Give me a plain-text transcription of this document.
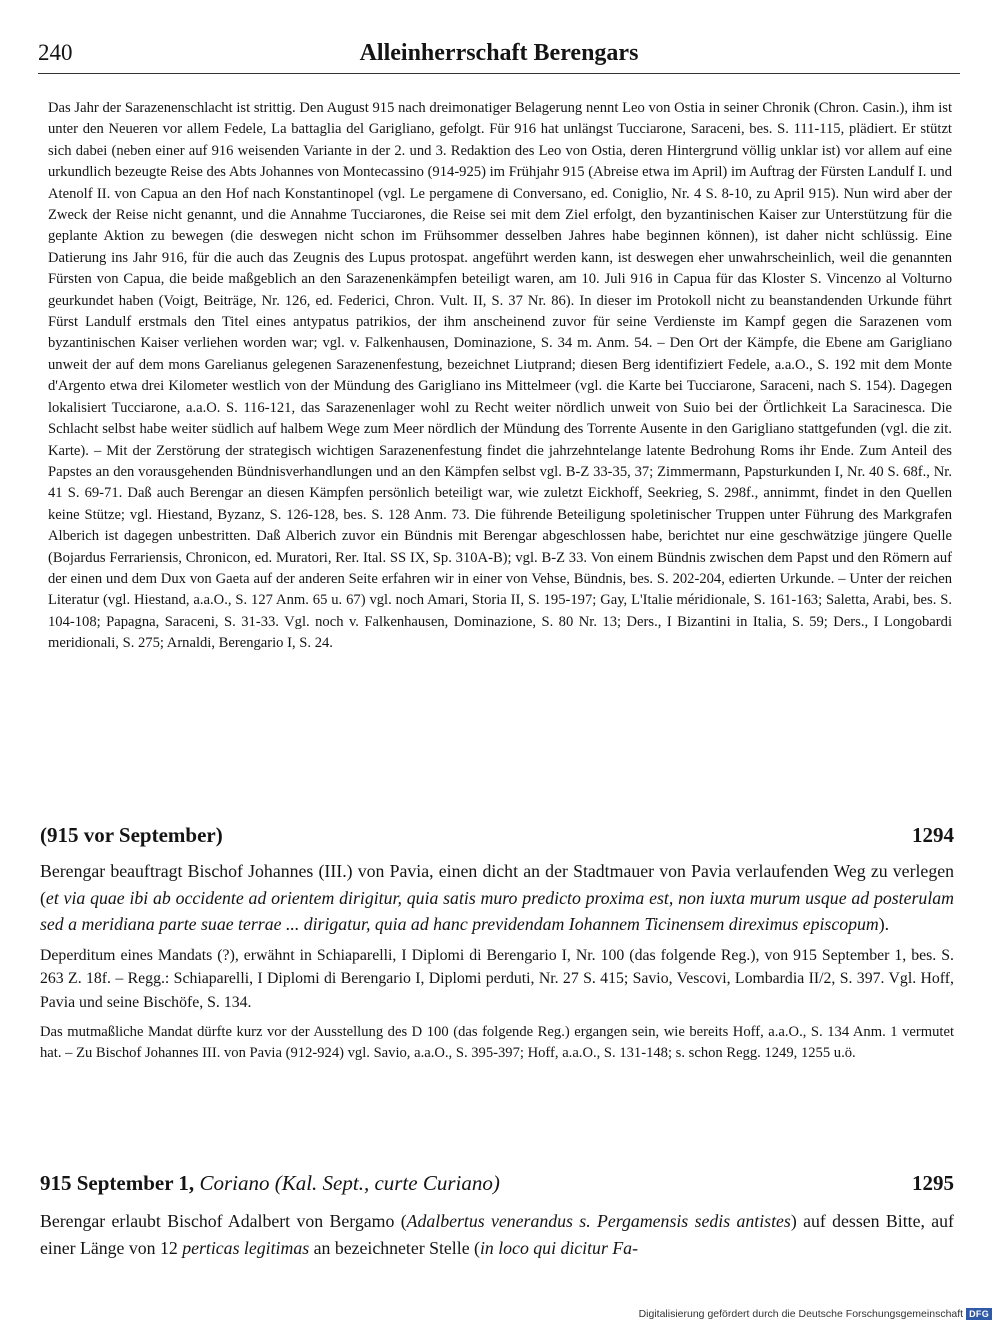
240	Alleinherrschaft Berengars

Das Jahr der Sarazenenschlacht ist strittig. Den August 915 nach dreimonatiger Belagerung nennt Leo von Ostia in seiner Chronik (Chron. Casin.), ihm ist unter den Neueren vor allem Fedele, La battaglia del Garigliano, gefolgt. Für 916 hat unlängst Tucciarone, Saraceni, bes. S. 111-115, plädiert. Er stützt sich dabei (neben einer auf 916 weisenden Variante in der 2. und 3. Redaktion des Leo von Ostia, deren Hintergrund völlig unklar ist) vor allem auf eine urkundlich bezeugte Reise des Abts Johannes von Montecassino (914-925) im Frühjahr 915 (Abreise etwa im April) im Auftrag der Fürsten Landulf I. und Atenolf II. von Capua an den Hof nach Konstantinopel (vgl. Le pergamene di Conversano, ed. Coniglio, Nr. 4 S. 8-10, zu April 915). Nun wird aber der Zweck der Reise nicht genannt, und die Annahme Tucciarones, die Reise sei mit dem Ziel erfolgt, den byzantinischen Kaiser zur Unterstützung für die geplante Aktion zu bewegen (die deswegen nicht schon im Frühsommer desselben Jahres habe beginnen können), ist daher nicht schlüssig. Eine Datierung ins Jahr 916, für die auch das Zeugnis des Lupus protospat. angeführt werden kann, ist deswegen eher unwahrscheinlich, weil die genannten Fürsten von Capua, die beide maßgeblich an den Sarazenenkämpfen beteiligt waren, am 10. Juli 916 in Capua für das Kloster S. Vincenzo al Volturno geurkundet haben (Voigt, Beiträge, Nr. 126, ed. Federici, Chron. Vult. II, S. 37 Nr. 86). In dieser im Protokoll nicht zu beanstandenden Urkunde führt Fürst Landulf erstmals den Titel eines antypatus patrikios, der ihm anscheinend zuvor für seine Verdienste im Kampf gegen die Sarazenen vom byzantinischen Kaiser verliehen worden war; vgl. v. Falkenhausen, Dominazione, S. 34 m. Anm. 54. – Den Ort der Kämpfe, die Ebene am Garigliano unweit der auf dem mons Garelianus gelegenen Sarazenenfestung, bezeichnet Liutprand; diesen Berg identifiziert Fedele, a.a.O., S. 192 mit dem Monte d'Argento etwa drei Kilometer westlich von der Mündung des Garigliano ins Mittelmeer (vgl. die Karte bei Tucciarone, Saraceni, nach S. 154). Dagegen lokalisiert Tucciarone, a.a.O. S. 116-121, das Sarazenenlager wohl zu Recht weiter nördlich unweit von Suio bei der Örtlichkeit La Saracinesca. Die Schlacht selbst habe weiter südlich auf halbem Wege zum Meer nördlich der Mündung des Torrente Ausente in den Garigliano stattgefunden (vgl. die zit. Karte). – Mit der Zerstörung der strategisch wichtigen Sarazenenfestung findet die jahrzehntelange latente Bedrohung Roms ihr Ende. Zum Anteil des Papstes an den vorausgehenden Bündnisverhandlungen und an den Kämpfen selbst vgl. B-Z 33-35, 37; Zimmermann, Papsturkunden I, Nr. 40 S. 68f., Nr. 41 S. 69-71. Daß auch Berengar an diesen Kämpfen persönlich beteiligt war, wie zuletzt Eickhoff, Seekrieg, S. 298f., annimmt, findet in den Quellen keine Stütze; vgl. Hiestand, Byzanz, S. 126-128, bes. S. 128 Anm. 73. Die führende Beteiligung spoletinischer Truppen unter Führung des Markgrafen Alberich ist dagegen unbestritten. Daß Alberich zuvor ein Bündnis mit Berengar abgeschlossen habe, berichtet nur eine geschwätzige jüngere Quelle (Bojardus Ferrariensis, Chronicon, ed. Muratori, Rer. Ital. SS IX, Sp. 310A-B); vgl. B-Z 33. Von einem Bündnis zwischen dem Papst und den Römern auf der einen und dem Dux von Gaeta auf der anderen Seite erfahren wir in einer von Vehse, Bündnis, bes. S. 202-204, edierten Urkunde. – Unter der reichen Literatur (vgl. Hiestand, a.a.O., S. 127 Anm. 65 u. 67) vgl. noch Amari, Storia II, S. 195-197; Gay, L'Italie méridionale, S. 161-163; Saletta, Arabi, bes. S. 104-108; Papagna, Saraceni, S. 31-33. Vgl. noch v. Falkenhausen, Dominazione, S. 80 Nr. 13; Ders., I Bizantini in Italia, S. 59; Ders., I Longobardi meridionali, S. 275; Arnaldi, Berengario I, S. 24.

(915 vor September)	1294

Berengar beauftragt Bischof Johannes (III.) von Pavia, einen dicht an der Stadtmauer von Pavia verlaufenden Weg zu verlegen (et via quae ibi ab occidente ad orientem dirigitur, quia satis muro predicto proxima est, non iuxta murum usque ad posterulam sed a meridiana parte suae terrae ... dirigatur, quia ad hanc previdendam Iohannem Ticinensem direximus episcopum).

Deperditum eines Mandats (?), erwähnt in Schiaparelli, I Diplomi di Berengario I, Nr. 100 (das folgende Reg.), von 915 September 1, bes. S. 263 Z. 18f. – Regg.: Schiaparelli, I Diplomi di Berengario I, Diplomi perduti, Nr. 27 S. 415; Savio, Vescovi, Lombardia II/2, S. 397. Vgl. Hoff, Pavia und seine Bischöfe, S. 134.

Das mutmaßliche Mandat dürfte kurz vor der Ausstellung des D 100 (das folgende Reg.) ergangen sein, wie bereits Hoff, a.a.O., S. 134 Anm. 1 vermutet hat. – Zu Bischof Johannes III. von Pavia (912-924) vgl. Savio, a.a.O., S. 395-397; Hoff, a.a.O., S. 131-148; s. schon Regg. 1249, 1255 u.ö.

915 September 1, Coriano (Kal. Sept., curte Curiano)	1295

Berengar erlaubt Bischof Adalbert von Bergamo (Adalbertus venerandus s. Pergamensis sedis antistes) auf dessen Bitte, auf einer Länge von 12 perticas legitimas an bezeichneter Stelle (in loco qui dicitur Fa-

Digitalisierung gefördert durch die Deutsche Forschungsgemeinschaft DFG
